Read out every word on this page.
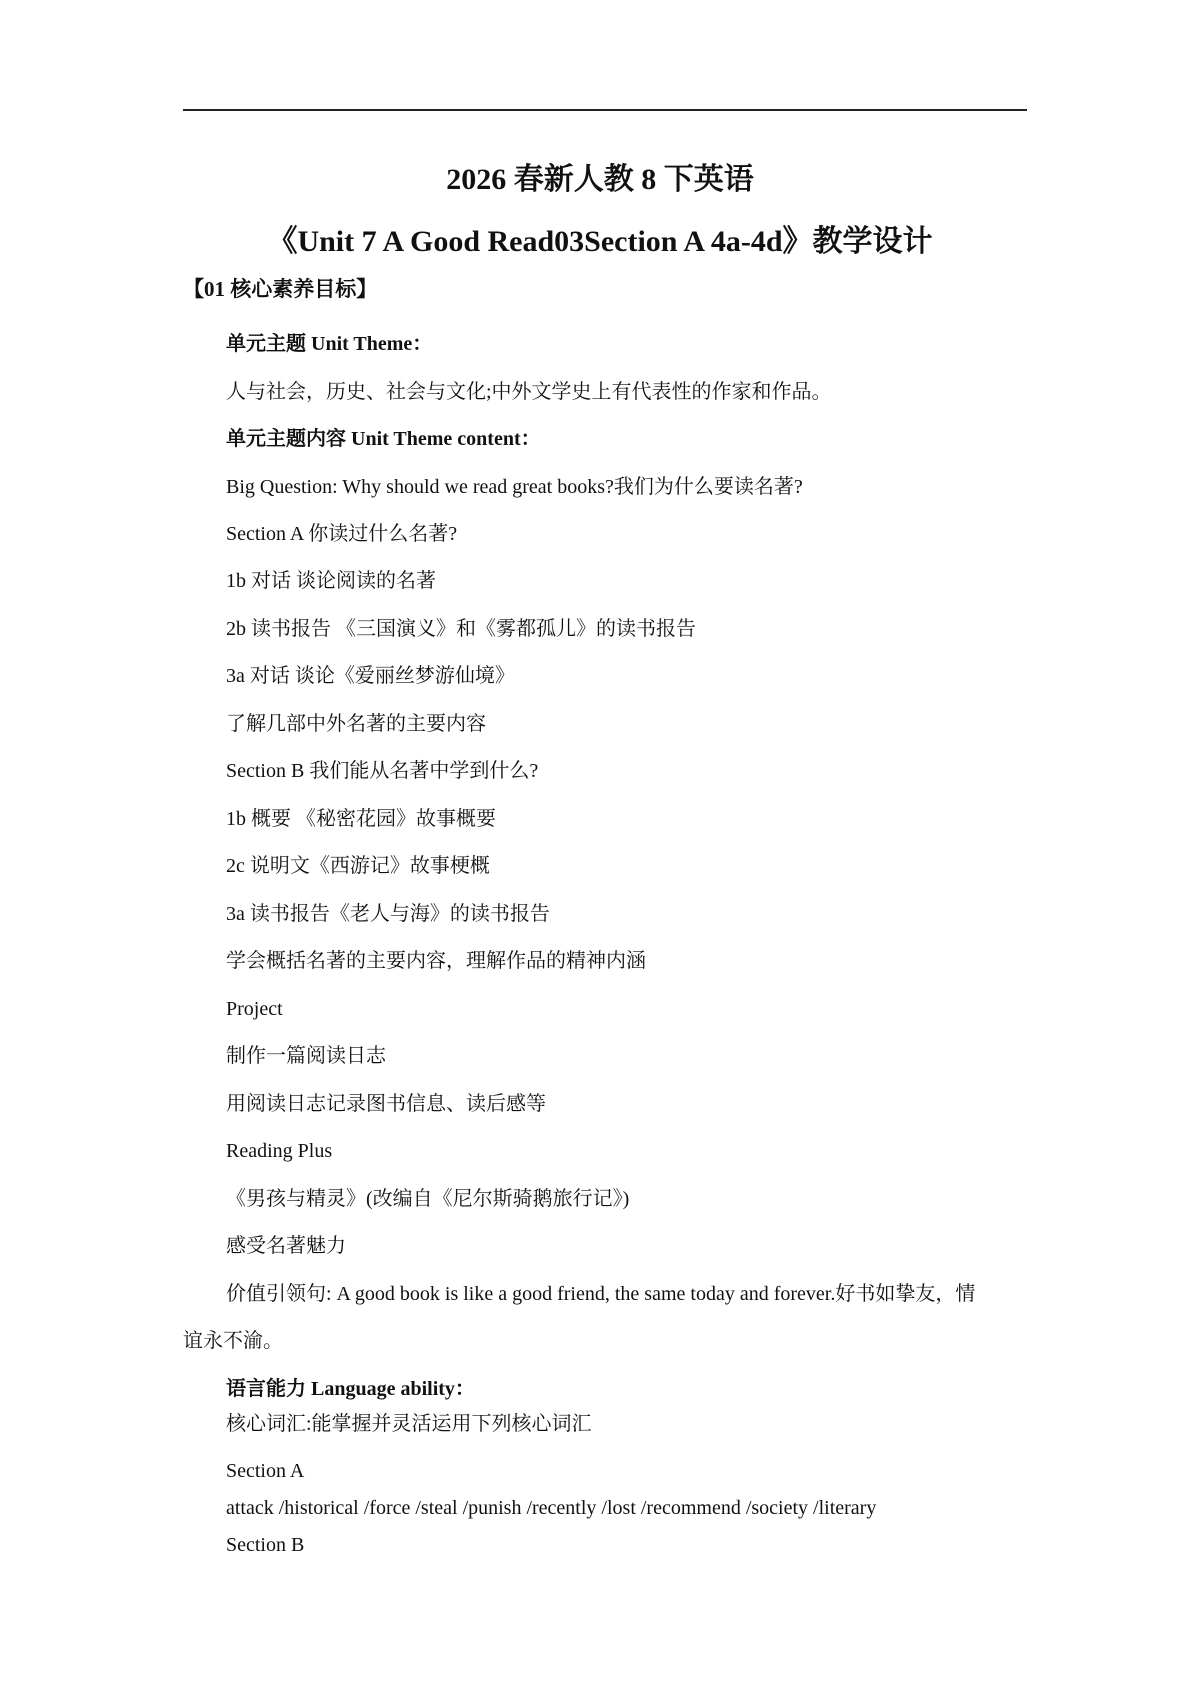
2026 春新人教 8 下英语
《Unit 7 A Good Read03Section A 4a-4d》教学设计
【01 核心素养目标】
单元主题 Unit Theme：
人与社会，历史、社会与文化;中外文学史上有代表性的作家和作品。
单元主题内容 Unit Theme content：
Big Question: Why should we read great books?我们为什么要读名著?
Section A 你读过什么名著?
1b 对话 谈论阅读的名著
2b 读书报告 《三国演义》和《雾都孤儿》的读书报告
3a 对话 谈论《爱丽丝梦游仙境》
了解几部中外名著的主要内容
Section B 我们能从名著中学到什么?
1b 概要 《秘密花园》故事概要
2c 说明文《西游记》故事梗概
3a 读书报告《老人与海》的读书报告
学会概括名著的主要内容，理解作品的精神内涵
Project
制作一篇阅读日志
用阅读日志记录图书信息、读后感等
Reading Plus
《男孩与精灵》(改编自《尼尔斯骑鹅旅行记》)
感受名著魅力
价值引领句: A good book is like a good friend, the same today and forever.好书如挚友，情
谊永不渝。
语言能力 Language ability：
核心词汇:能掌握并灵活运用下列核心词汇
Section A
attack /historical /force /steal /punish /recently /lost /recommend /society /literary
Section B
